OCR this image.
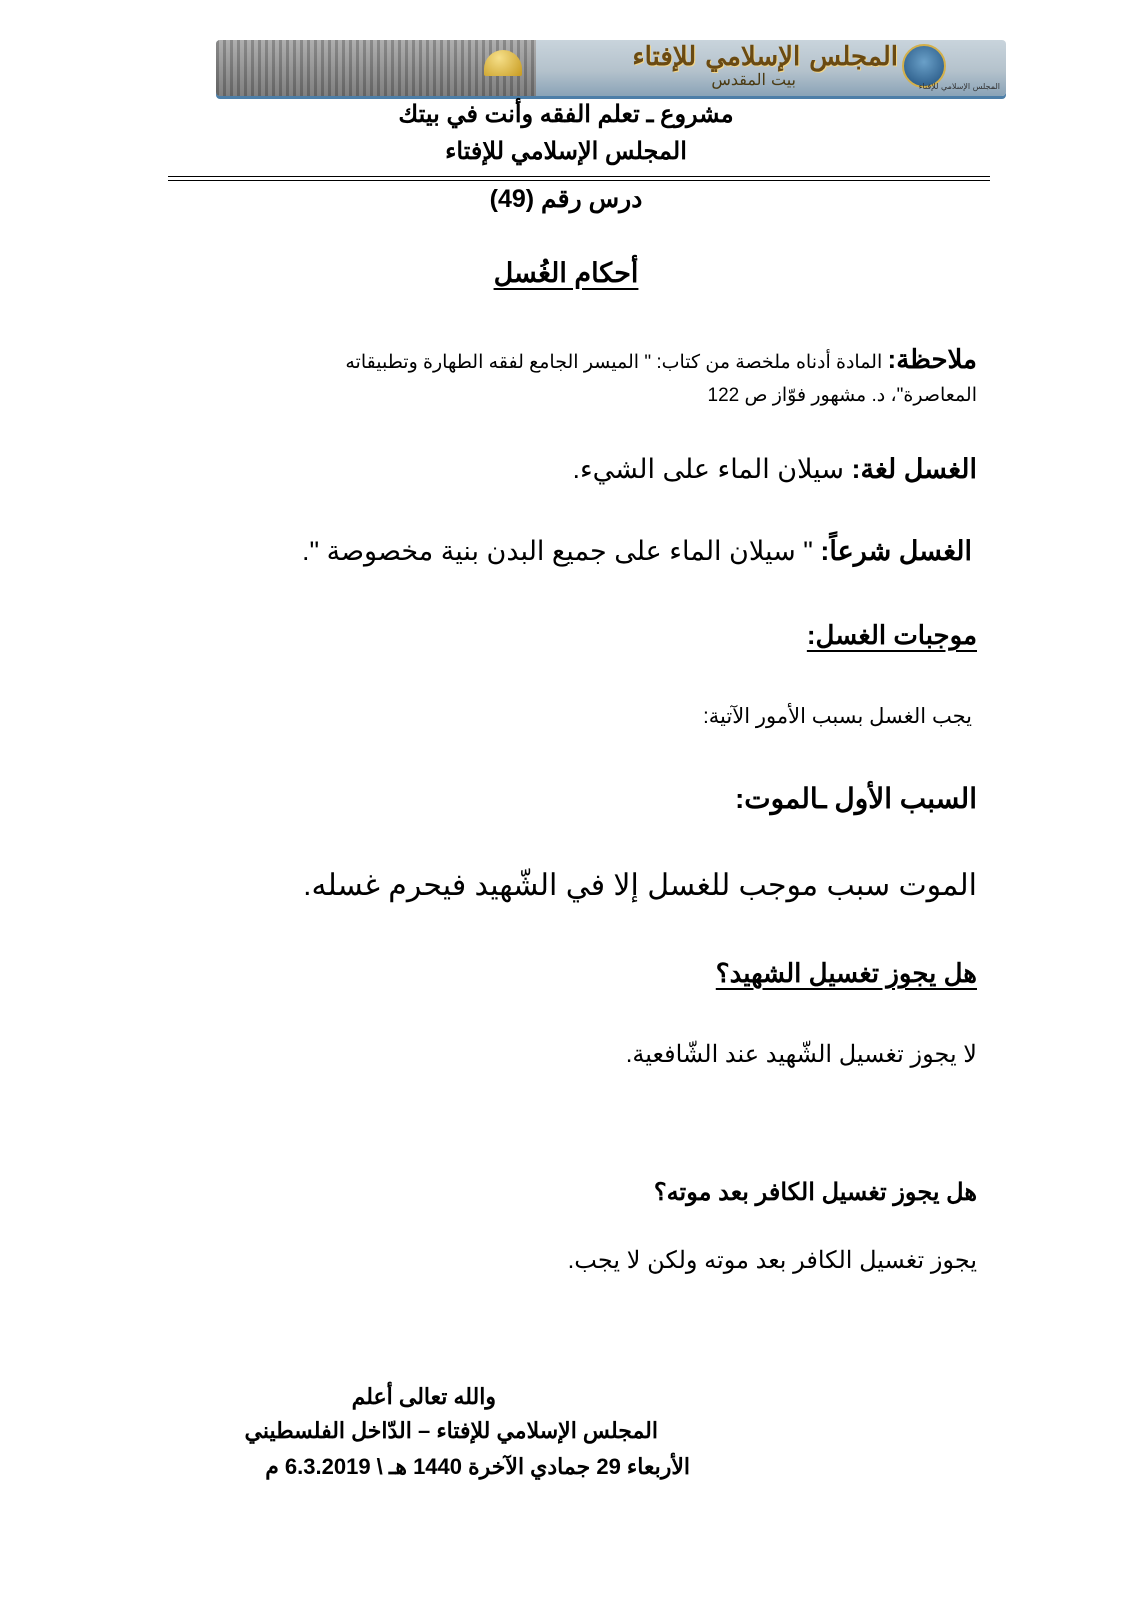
المجلس الإسلامي للإفتاء
بيت المقدس	المجلس الإسلامي للإفتاء
مشروع ـ تعلم الفقه وأنت في بيتك
المجلس الإسلامي للإفتاء
درس رقم (49)
أحكام الغُسل
ملاحظة: المادة أدناه ملخصة من كتاب: " الميسر الجامع لفقه الطهارة وتطبيقاته
المعاصرة"، د. مشهور فوّاز ص 122
الغسل لغة: سيلان الماء على الشيء.
الغسل شرعاً: " سيلان الماء على جميع البدن بنية مخصوصة ".
موجبات الغسل:
يجب الغسل بسبب الأمور الآتية:
السبب الأول ـالموت:
الموت سبب موجب للغسل إلا في الشّهيد فيحرم غسله.
هل يجوز تغسيل الشهيد؟
لا يجوز تغسيل الشّهيد عند الشّافعية.
هل يجوز تغسيل الكافر بعد موته؟
يجوز تغسيل الكافر بعد موته ولكن لا يجب.
والله تعالى أعلم
المجلس الإسلامي للإفتاء – الدّاخل الفلسطيني
الأربعاء 29 جمادي الآخرة 1440 هـ \ 6.3.2019 م
